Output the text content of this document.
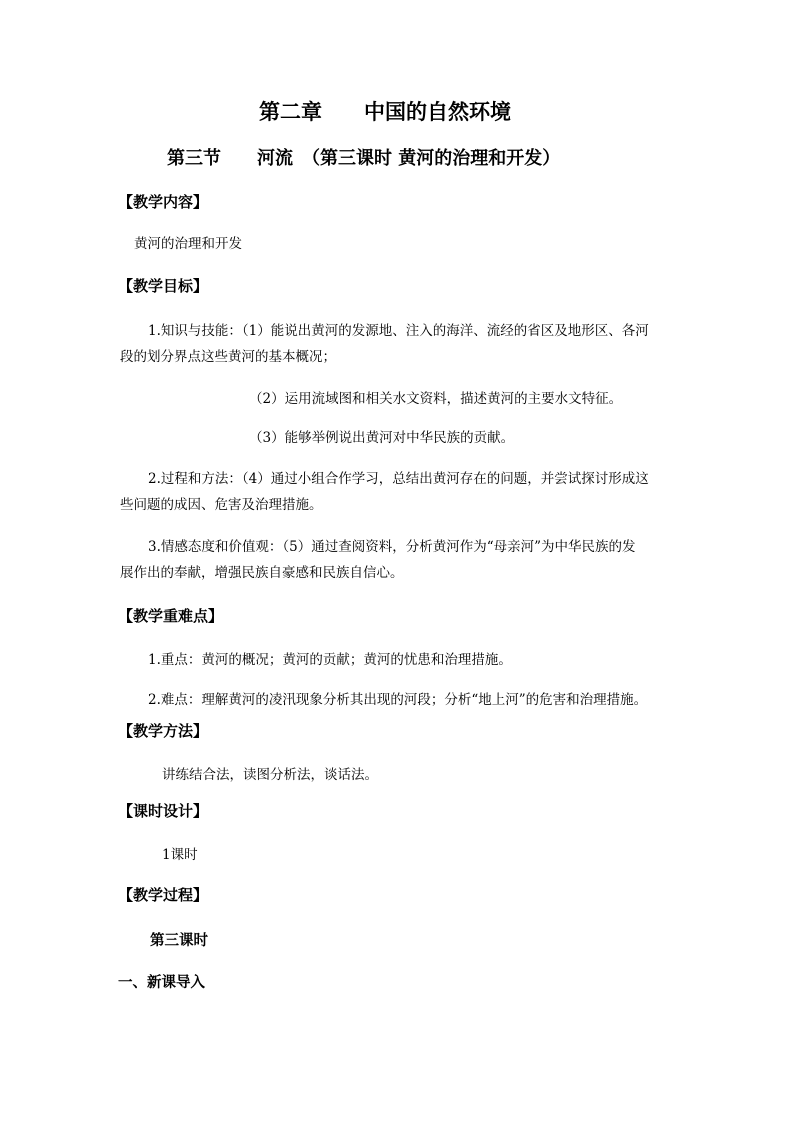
第二章　　中国的自然环境
第三节　　河流　（第三课时 黄河的治理和开发）
【教学内容】
黄河的治理和开发
【教学目标】
1.知识与技能：（1）能说出黄河的发源地、注入的海洋、流经的省区及地形区、各河
段的划分界点这些黄河的基本概况；
（2）运用流域图和相关水文资料，描述黄河的主要水文特征。
（3）能够举例说出黄河对中华民族的贡献。
2.过程和方法：（4）通过小组合作学习，总结出黄河存在的问题，并尝试探讨形成这
些问题的成因、危害及治理措施。
3.情感态度和价值观：（5）通过查阅资料，分析黄河作为“母亲河”为中华民族的发
展作出的奉献，增强民族自豪感和民族自信心。
【教学重难点】
1.重点：黄河的概况；黄河的贡献；黄河的忧患和治理措施。
2.难点：理解黄河的凌汛现象分析其出现的河段；分析“地上河”的危害和治理措施。
【教学方法】
讲练结合法，读图分析法，谈话法。
【课时设计】
1课时
【教学过程】
第三课时
一、新课导入
